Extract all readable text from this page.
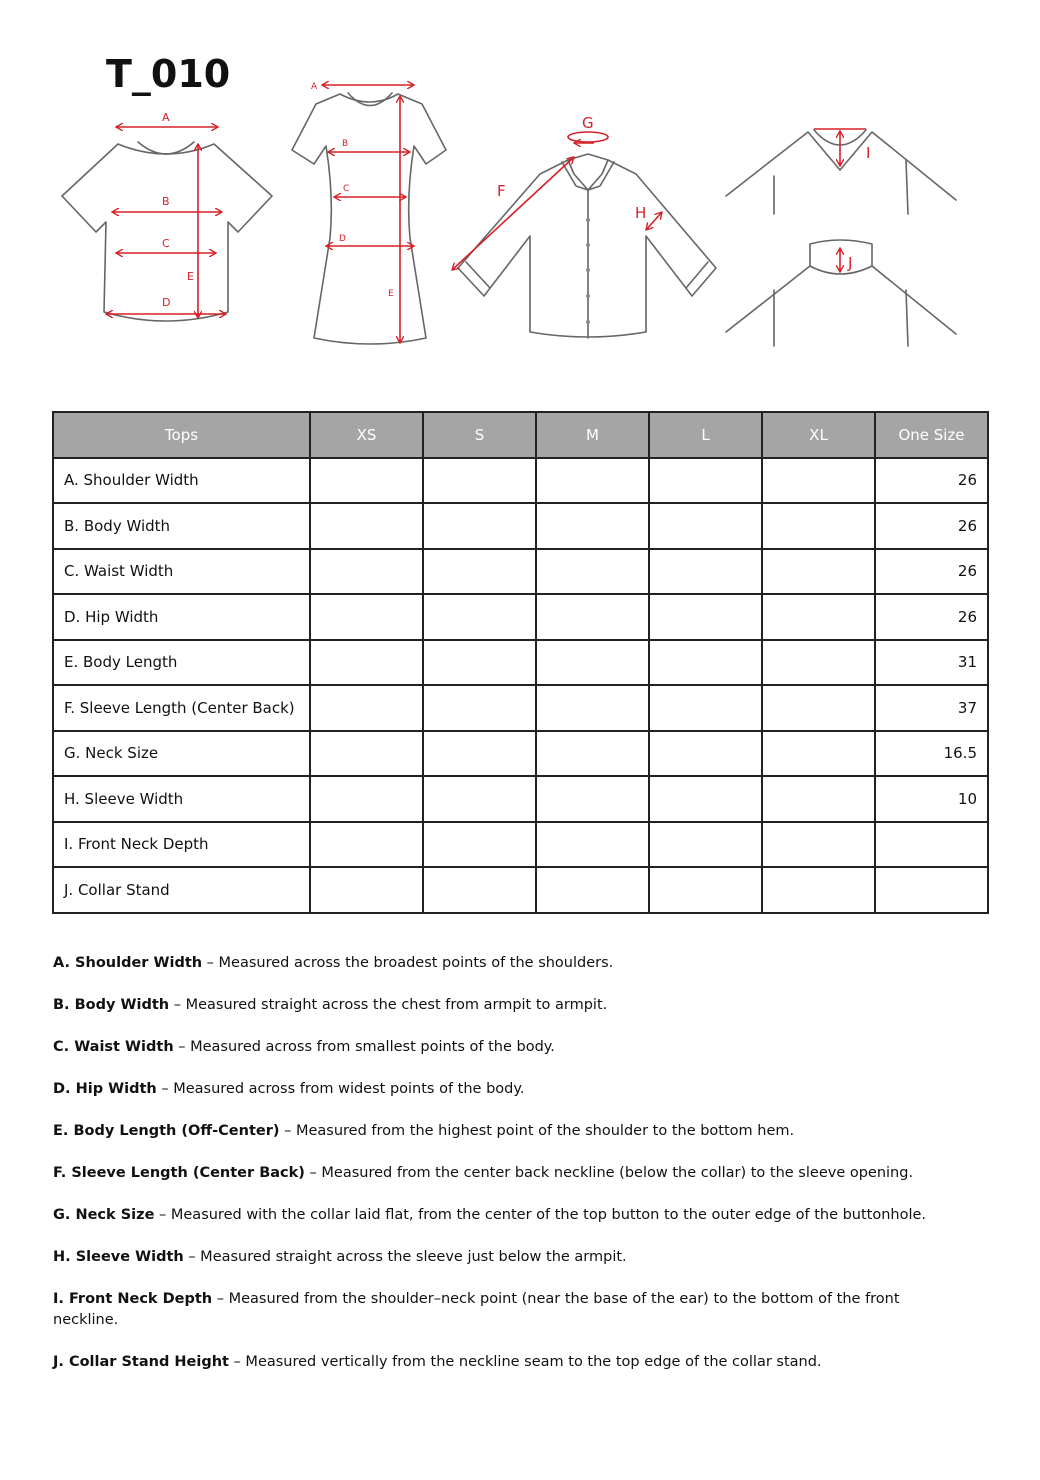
T_010
A
B
C
E
D
A
B
C
D
E
G
F
H
I
J
Tops	XS	S	M	L	XL	One Size
A. Shoulder Width						26
B. Body Width						26
C. Waist Width						26
D. Hip Width						26
E. Body Length						31
F. Sleeve Length (Center Back)						37
G. Neck Size						16.5
H. Sleeve Width						10
I. Front Neck Depth						
J. Collar Stand						

A. Shoulder Width – Measured across the broadest points of the shoulders.

B. Body Width – Measured straight across the chest from armpit to armpit.

C. Waist Width – Measured across from smallest points of the body.

D. Hip Width – Measured across from widest points of the body.

E. Body Length (Off-Center) – Measured from the highest point of the shoulder to the bottom hem.

F. Sleeve Length (Center Back) – Measured from the center back neckline (below the collar) to the sleeve opening.

G. Neck Size – Measured with the collar laid flat, from the center of the top button to the outer edge of the buttonhole.

H. Sleeve Width – Measured straight across the sleeve just below the armpit.

I. Front Neck Depth – Measured from the shoulder–neck point (near the base of the ear) to the bottom of the front neckline.

J. Collar Stand Height – Measured vertically from the neckline seam to the top edge of the collar stand.
